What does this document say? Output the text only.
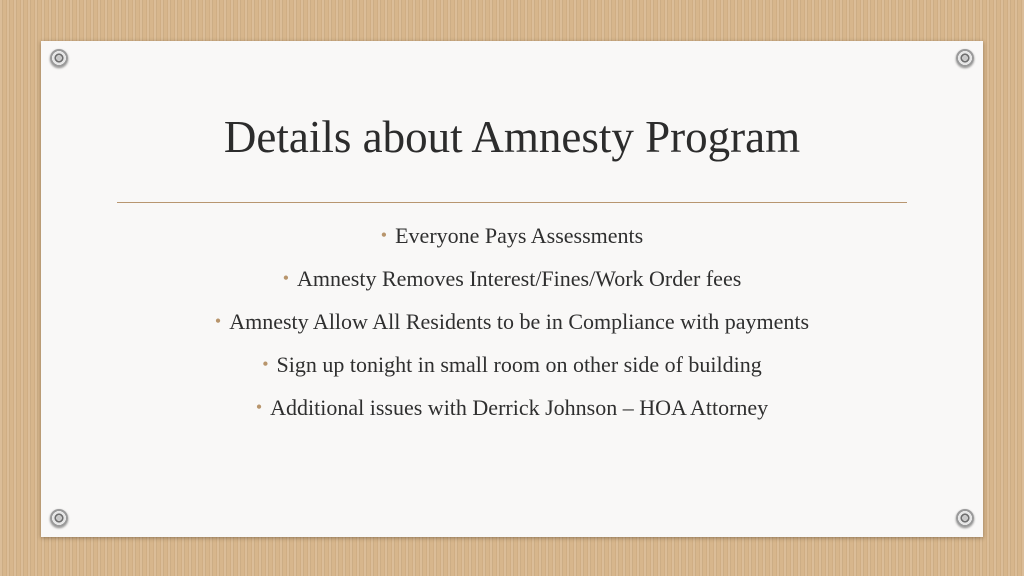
Details about Amnesty Program
• Everyone Pays Assessments
• Amnesty Removes Interest/Fines/Work Order fees
• Amnesty Allow All Residents to be in Compliance with payments
• Sign up tonight in small room on other side of building
• Additional issues with Derrick Johnson – HOA Attorney
